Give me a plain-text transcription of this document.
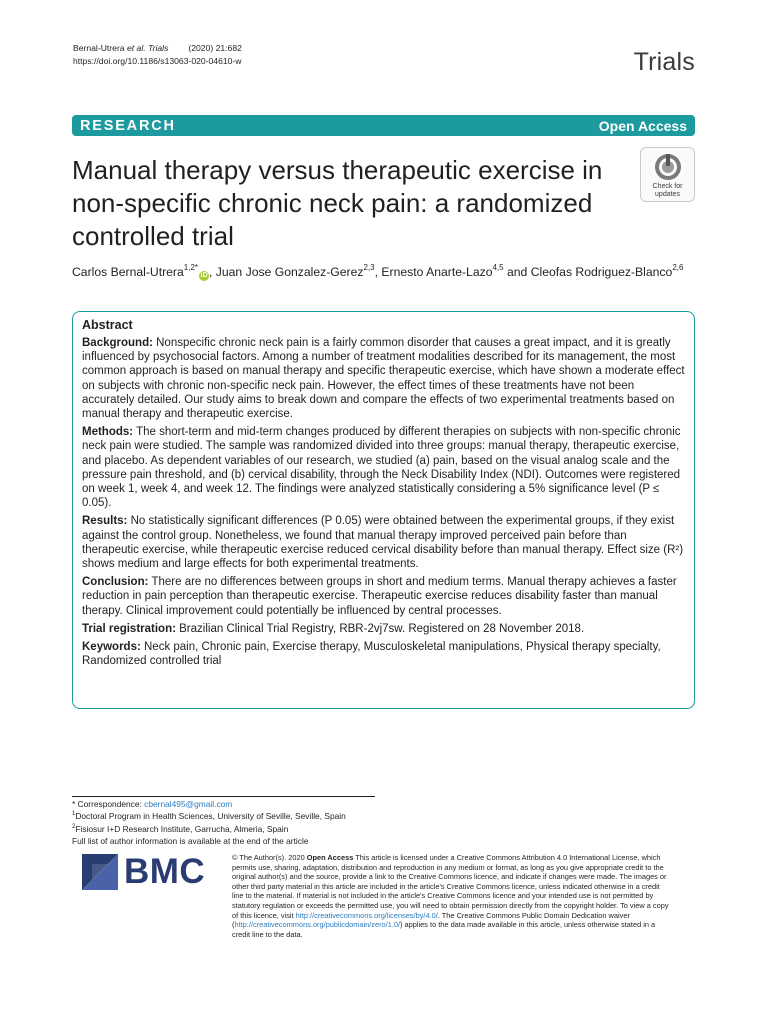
Bernal-Utrera et al. Trials (2020) 21:682
https://doi.org/10.1186/s13063-020-04610-w	Trials
RESEARCH	Open Access
Manual therapy versus therapeutic exercise in non-specific chronic neck pain: a randomized controlled trial
Check for
updates
Carlos Bernal-Utrera$^{1,2*}$iD , Juan Jose Gonzalez-Gerez$^{2,3}$, Ernesto Anarte-Lazo$^{4,5}$ and Cleofas Rodriguez-Blanco$^{2,6}$
Abstract

Background: Nonspecific chronic neck pain is a fairly common disorder that causes a great impact, and it is greatly influenced by psychosocial factors. Among a number of treatment modalities described for its management, the most common approach is based on manual therapy and specific therapeutic exercise, which have shown a moderate effect on subjects with chronic non-specific neck pain. However, the effect times of these treatments have not been accurately detailed. Our study aims to break down and compare the effects of two experimental treatments based on manual therapy and therapeutic exercise.

Methods: The short-term and mid-term changes produced by different therapies on subjects with non-specific chronic neck pain were studied. The sample was randomized divided into three groups: manual therapy, therapeutic exercise, and placebo. As dependent variables of our research, we studied (a) pain, based on the visual analog scale and the pressure pain threshold, and (b) cervical disability, through the Neck Disability Index (NDI). Outcomes were registered on week 1, week 4, and week 12. The findings were analyzed statistically considering a 5% significance level (P ≤ 0.05).

Results: No statistically significant differences (P 0.05) were obtained between the experimental groups, if they exist against the control group. Nonetheless, we found that manual therapy improved perceived pain before than therapeutic exercise, while therapeutic exercise reduced cervical disability before than manual therapy. Effect size (R²) shows medium and large effects for both experimental treatments.

Conclusion: There are no differences between groups in short and medium terms. Manual therapy achieves a faster reduction in pain perception than therapeutic exercise. Therapeutic exercise reduces disability faster than manual therapy. Clinical improvement could potentially be influenced by central processes.

Trial registration: Brazilian Clinical Trial Registry, RBR-2vj7sw. Registered on 28 November 2018.

Keywords: Neck pain, Chronic pain, Exercise therapy, Musculoskeletal manipulations, Physical therapy specialty, Randomized controlled trial

* Correspondence: cbernal495@gmail.com
$^1$Doctoral Program in Health Sciences, University of Seville, Seville, Spain
$^2$Fisiosur I+D Research Institute, Garrucha, Almeria, Spain
Full list of author information is available at the end of the article
BMC	© The Author(s). 2020 Open Access This article is licensed under a Creative Commons Attribution 4.0 International License, which permits use, sharing, adaptation, distribution and reproduction in any medium or format, as long as you give appropriate credit to the original author(s) and the source, provide a link to the Creative Commons licence, and indicate if changes were made. The images or other third party material in this article are included in the article's Creative Commons licence, unless indicated otherwise in a credit line to the material. If material is not included in the article's Creative Commons licence and your intended use is not permitted by statutory regulation or exceeds the permitted use, you will need to obtain permission directly from the copyright holder. To view a copy of this licence, visit http://creativecommons.org/licenses/by/4.0/. The Creative Commons Public Domain Dedication waiver (http://creativecommons.org/publicdomain/zero/1.0/) applies to the data made available in this article, unless otherwise stated in a credit line to the data.
